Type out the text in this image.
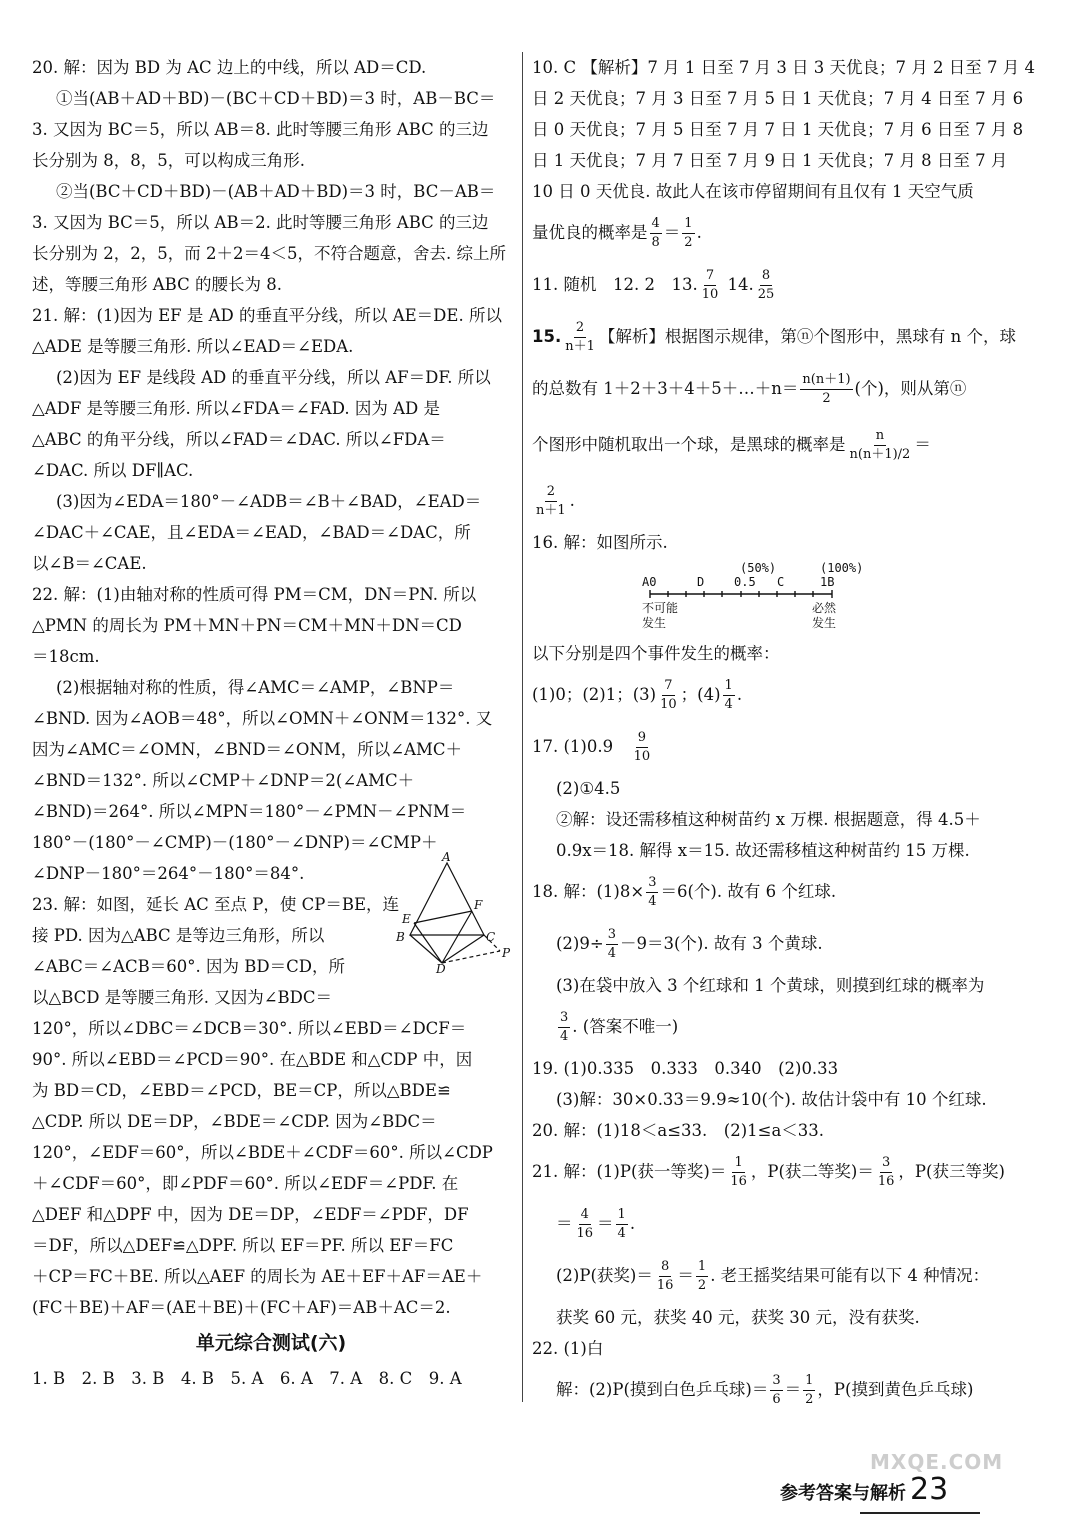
20. 解：因为 BD 为 AC 边上的中线，所以 AD＝CD.
①当(AB＋AD＋BD)－(BC＋CD＋BD)＝3 时，AB－BC＝
3. 又因为 BC＝5，所以 AB＝8. 此时等腰三角形 ABC 的三边
长分别为 8，8，5，可以构成三角形.
②当(BC＋CD＋BD)－(AB＋AD＋BD)＝3 时，BC－AB＝
3. 又因为 BC＝5，所以 AB＝2. 此时等腰三角形 ABC 的三边
长分别为 2，2，5，而 2＋2＝4＜5，不符合题意，舍去. 综上所
述，等腰三角形 ABC 的腰长为 8.
21. 解：(1)因为 EF 是 AD 的垂直平分线，所以 AE＝DE. 所以
△ADE 是等腰三角形. 所以∠EAD＝∠EDA.
(2)因为 EF 是线段 AD 的垂直平分线，所以 AF＝DF. 所以
△ADF 是等腰三角形. 所以∠FDA＝∠FAD. 因为 AD 是
△ABC 的角平分线，所以∠FAD＝∠DAC. 所以∠FDA＝
∠DAC. 所以 DF∥AC.
(3)因为∠EDA＝180°－∠ADB＝∠B＋∠BAD，∠EAD＝
∠DAC＋∠CAE，且∠EDA＝∠EAD，∠BAD＝∠DAC，所
以∠B＝∠CAE.
22. 解：(1)由轴对称的性质可得 PM＝CM，DN＝PN. 所以
△PMN 的周长为 PM＋MN＋PN＝CM＋MN＋DN＝CD
＝18cm.
(2)根据轴对称的性质，得∠AMC＝∠AMP，∠BNP＝
∠BND. 因为∠AOB＝48°，所以∠OMN＋∠ONM＝132°. 又
因为∠AMC＝∠OMN，∠BND＝∠ONM，所以∠AMC＋
∠BND＝132°. 所以∠CMP＋∠DNP＝2(∠AMC＋
∠BND)＝264°. 所以∠MPN＝180°－∠PMN－∠PNM＝
180°－(180°－∠CMP)－(180°－∠DNP)＝∠CMP＋
∠DNP－180°＝264°－180°＝84°.
23. 解：如图，延长 AC 至点 P，使 CP＝BE，连
接 PD. 因为△ABC 是等边三角形，所以
∠ABC＝∠ACB＝60°. 因为 BD＝CD，所
以△BCD 是等腰三角形. 又因为∠BDC＝
120°，所以∠DBC＝∠DCB＝30°. 所以∠EBD＝∠DCF＝
90°. 所以∠EBD＝∠PCD＝90°. 在△BDE 和△CDP 中，因
为 BD＝CD，∠EBD＝∠PCD，BE＝CP，所以△BDE≌
△CDP. 所以 DE＝DP，∠BDE＝∠CDP. 因为∠BDC＝
120°，∠EDF＝60°，所以∠BDE＋∠CDF＝60°. 所以∠CDP
＋∠CDF＝60°，即∠PDF＝60°. 所以∠EDF＝∠PDF. 在
△DEF 和△DPF 中，因为 DE＝DP，∠EDF＝∠PDF，DF
＝DF，所以△DEF≌△DPF. 所以 EF＝PF. 所以 EF＝FC
＋CP＝FC＋BE. 所以△AEF 的周长为 AE＋EF＋AF＝AE＋
(FC＋BE)＋AF＝(AE＋BE)＋(FC＋AF)＝AB＋AC＝2.
单元综合测试(六)
1. B　2. B　3. B　4. B　5. A　6. A　7. A　8. C　9. A
A
E
F
B	C
D
P
10. C 【解析】7 月 1 日至 7 月 3 日 3 天优良；7 月 2 日至 7 月 4
日 2 天优良；7 月 3 日至 7 月 5 日 1 天优良；7 月 4 日至 7 月 6
日 0 天优良；7 月 5 日至 7 月 7 日 1 天优良；7 月 6 日至 7 月 8
日 1 天优良；7 月 7 日至 7 月 9 日 1 天优良；7 月 8 日至 7 月
10 日 0 天优良. 故此人在该市停留期间有且仅有 1 天空气质
量优良的概率是 $\frac{4}{8} = \frac{1}{2}$ .
11. 随机　12. 2　13. $\frac{7}{10} 14$. $\frac{8}{25}$
15. $\frac{2}{n+1}$ 【解析】根据图示规律，第ⓝ个图形中，黑球有 n 个，球
的总数有 1＋2＋3＋4＋5＋…＋n＝ $\frac{n(n+1)}{2}$ (个)，则从第ⓝ
个图形中随机取出一个球，是黑球的概率是 $\frac{n}{n(n+1)/2}$ ＝
$\frac{2}{n+1}$ .
16. 解：如图所示.
(50%)	(100%)
A0	D 0.5 C	1B
不可能
发生
必然
发生
以下分别是四个事件发生的概率：
(1)0；(2)1；$(3) \frac{7}{10}$ ；$(4) \frac{1}{4}$ .
17. (1)0.9　 $\frac{9}{10}$
(2)①4.5
②解：设还需移植这种树苗约 x 万棵. 根据题意，得 4.5＋
0.9x＝18. 解得 x＝15. 故还需移植这种树苗约 15 万棵.
18. 解：$(1)8\times \frac{3}{4} =6$(个). 故有 6 个红球.
$(2)9\div \frac{3}{4} -9=3$(个). 故有 3 个黄球.
(3)在袋中放入 3 个红球和 1 个黄球，则摸到红球的概率为
$\frac{3}{4}$ . (答案不唯一)
19. (1)0.335　0.333　0.340　(2)0.33
(3)解：30×0.33＝9.9≈10(个). 故估计袋中有 10 个红球.
20. 解：(1)18＜a≤33.　(2)1≤a＜33.
21. 解：(1)P(获一等奖)＝ $\frac{1}{16}$ ，P(获二等奖)＝ $\frac{3}{16}$ ，P(获三等奖)
＝ $\frac{4}{16} = \frac{1}{4}$ .
(2)P(获奖)＝ $\frac{8}{16} = \frac{1}{2}$ . 老王摇奖结果可能有以下 4 种情况：
获奖 60 元，获奖 40 元，获奖 30 元，没有获奖.
22. (1)白
解：(2)P(摸到白色乒乓球)＝ $\frac{3}{6} = \frac{1}{2}$ ，P(摸到黄色乒乓球)
MXQE.COM
参考答案与解析 23
